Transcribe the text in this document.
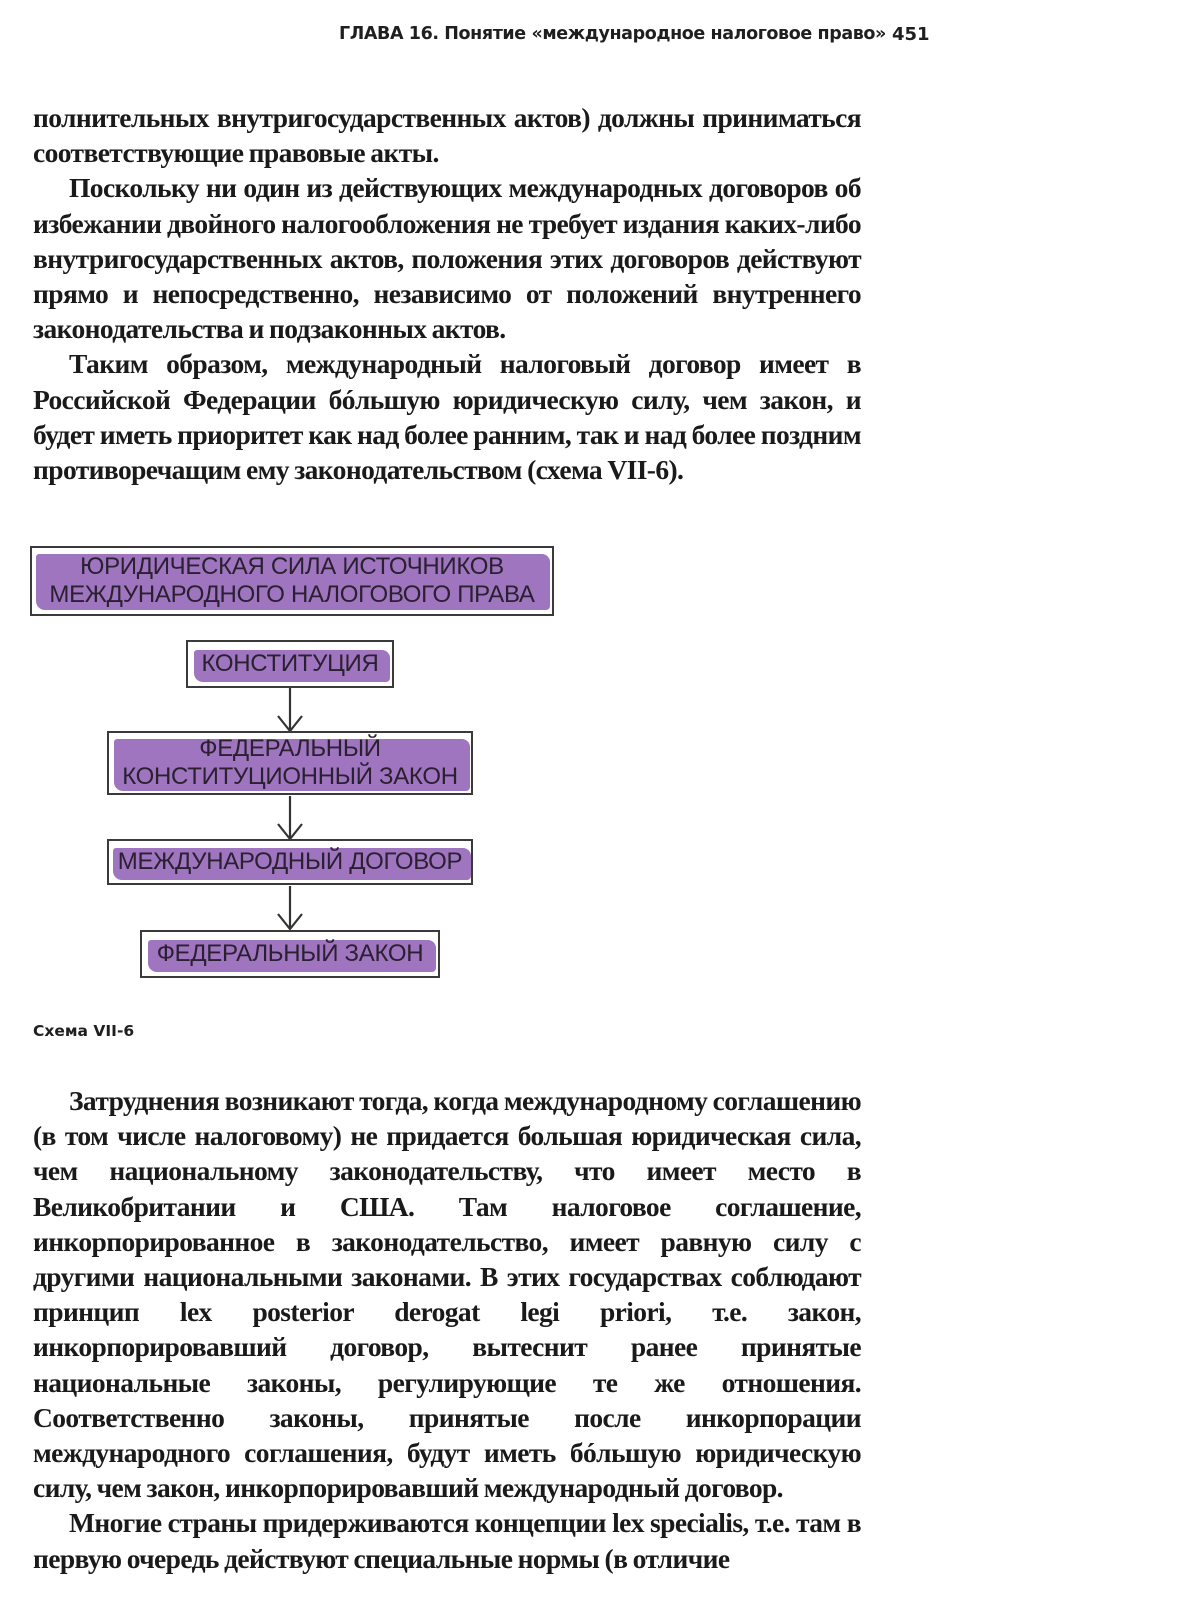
ГЛАВА 16. Понятие «международное налоговое право» 451

полнительных внутригосударственных актов) должны приниматься соответствующие правовые акты.

Поскольку ни один из действующих международных договоров об избежании двойного налогообложения не требует издания каких-либо внутригосударственных актов, положения этих договоров действуют прямо и непосредственно, независимо от положений внутреннего законодательства и подзаконных актов.

Таким образом, международный налоговый договор имеет в Российской Федерации бóльшую юридическую силу, чем закон, и будет иметь приоритет как над более ранним, так и над более поздним противоречащим ему законодательством (схема VII-6).

ЮРИДИЧЕСКАЯ СИЛА ИСТОЧНИКОВ
МЕЖДУНАРОДНОГО НАЛОГОВОГО ПРАВА
КОНСТИТУЦИЯ
ФЕДЕРАЛЬНЫЙ
КОНСТИТУЦИОННЫЙ ЗАКОН
МЕЖДУНАРОДНЫЙ ДОГОВОР
ФЕДЕРАЛЬНЫЙ ЗАКОН
Схема VII-6

Затруднения возникают тогда, когда международному соглашению (в том числе налоговому) не придается большая юридическая сила, чем национальному законодательству, что имеет место в Великобритании и США. Там налоговое соглашение, инкорпорированное в законодательство, имеет равную силу с другими национальными законами. В этих государствах соблюдают принцип lex posterior derogat legi priori, т.е. закон, инкорпорировавший договор, вытеснит ранее принятые национальные законы, регулирующие те же отношения. Соответственно законы, принятые после инкорпорации международного соглашения, будут иметь бóльшую юридическую силу, чем закон, инкорпорировавший международный договор.

Многие страны придерживаются концепции lex specialis, т.е. там в первую очередь действуют специальные нормы (в отличие
